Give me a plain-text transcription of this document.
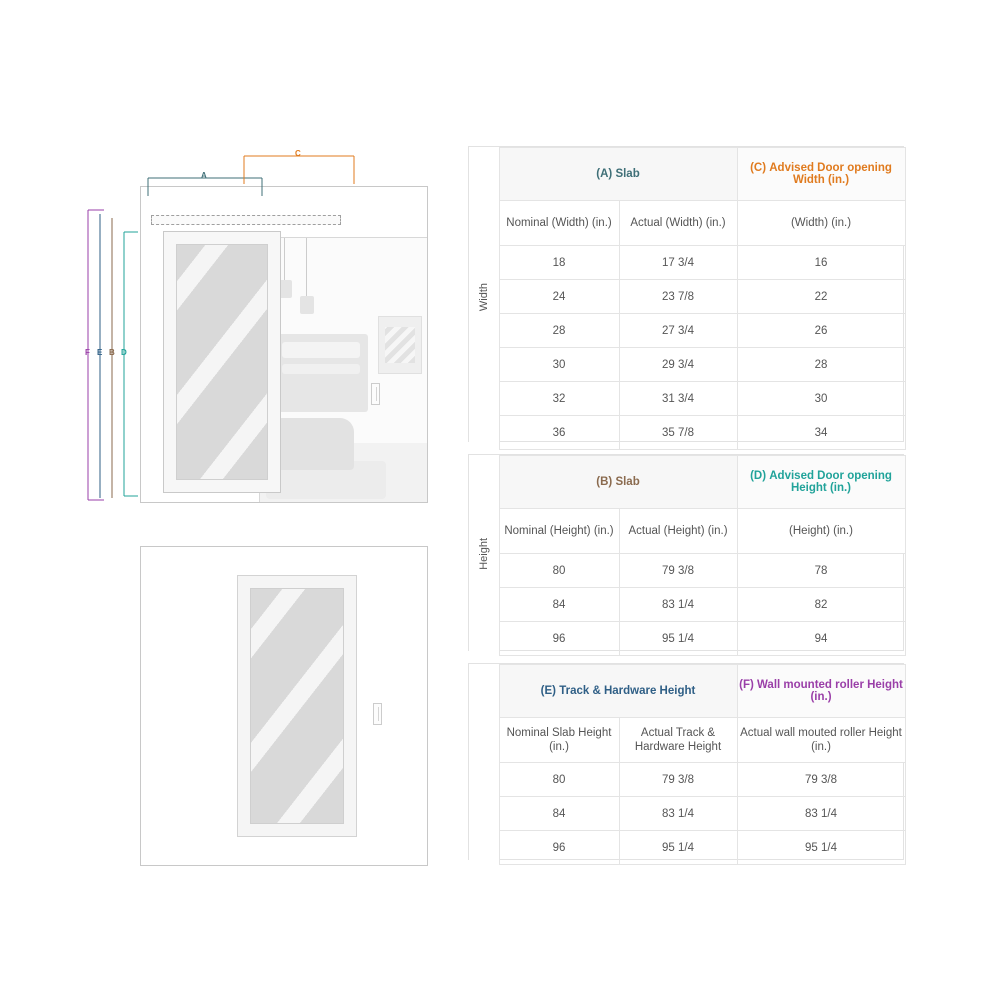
A
C
F E B D
Width	(A) Slab		(C) Advised Door opening Width (in.)
	Nominal (Width) (in.)	Actual (Width) (in.)	(Width) (in.)
	18	17 3/4	16
	24	23 7/8	22
	28	27 3/4	26
	30	29 3/4	28
	32	31 3/4	30
	36	35 7/8	34
Height	(B) Slab		(D) Advised Door opening Height (in.)
	Nominal (Height) (in.)	Actual (Height) (in.)	(Height) (in.)
	80	79 3/8	78
	84	83 1/4	82
	96	95 1/4	94
	(E) Track & Hardware Height		(F) Wall mounted roller Height (in.)
	Nominal Slab Height (in.)	Actual Track & Hardware Height	Actual wall mouted roller Height (in.)
	80	79 3/8	79 3/8
	84	83 1/4	83 1/4
	96	95 1/4	95 1/4
